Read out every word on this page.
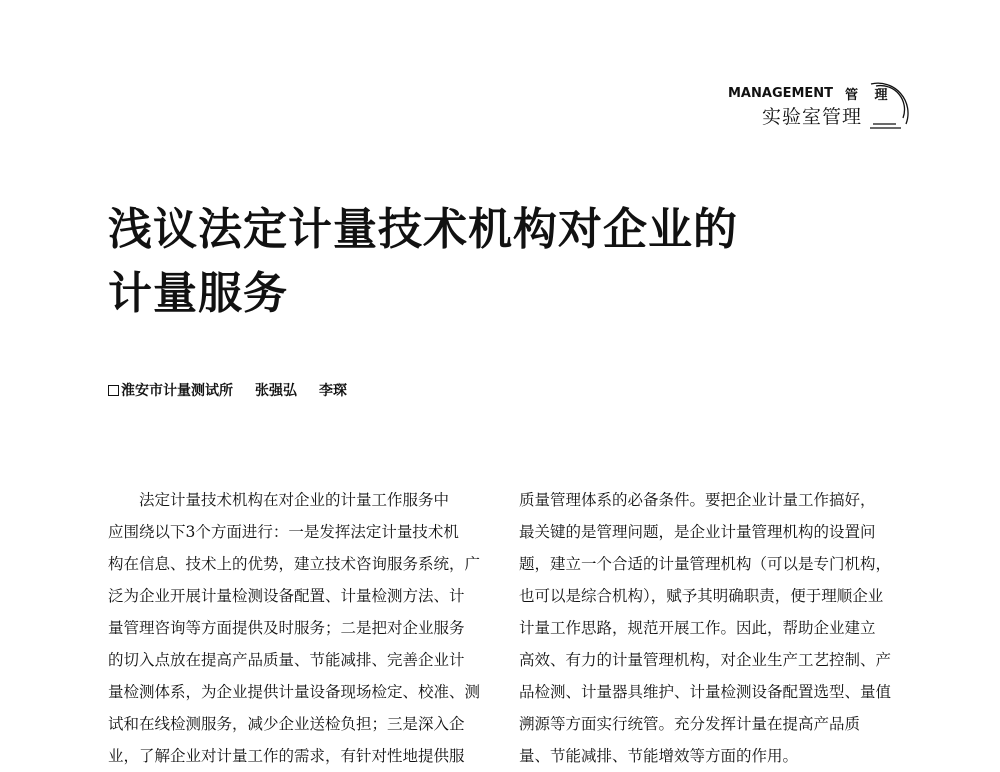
MANAGEMENT 管 理
实验室管理
浅议法定计量技术机构对企业的
计量服务
淮安市计量测试所 张强弘 李琛
　　法定计量技术机构在对企业的计量工作服务中
应围绕以下3个方面进行：一是发挥法定计量技术机
构在信息、技术上的优势，建立技术咨询服务系统，广
泛为企业开展计量检测设备配置、计量检测方法、计
量管理咨询等方面提供及时服务；二是把对企业服务
的切入点放在提高产品质量、节能减排、完善企业计
量检测体系，为企业提供计量设备现场检定、校准、测
试和在线检测服务，减少企业送检负担；三是深入企
业，了解企业对计量工作的需求，有针对性地提供服
质量管理体系的必备条件。要把企业计量工作搞好，
最关键的是管理问题，是企业计量管理机构的设置问
题，建立一个合适的计量管理机构（可以是专门机构，
也可以是综合机构），赋予其明确职责，便于理顺企业
计量工作思路，规范开展工作。因此，帮助企业建立
高效、有力的计量管理机构，对企业生产工艺控制、产
品检测、计量器具维护、计量检测设备配置选型、量值
溯源等方面实行统管。充分发挥计量在提高产品质
量、节能减排、节能增效等方面的作用。
